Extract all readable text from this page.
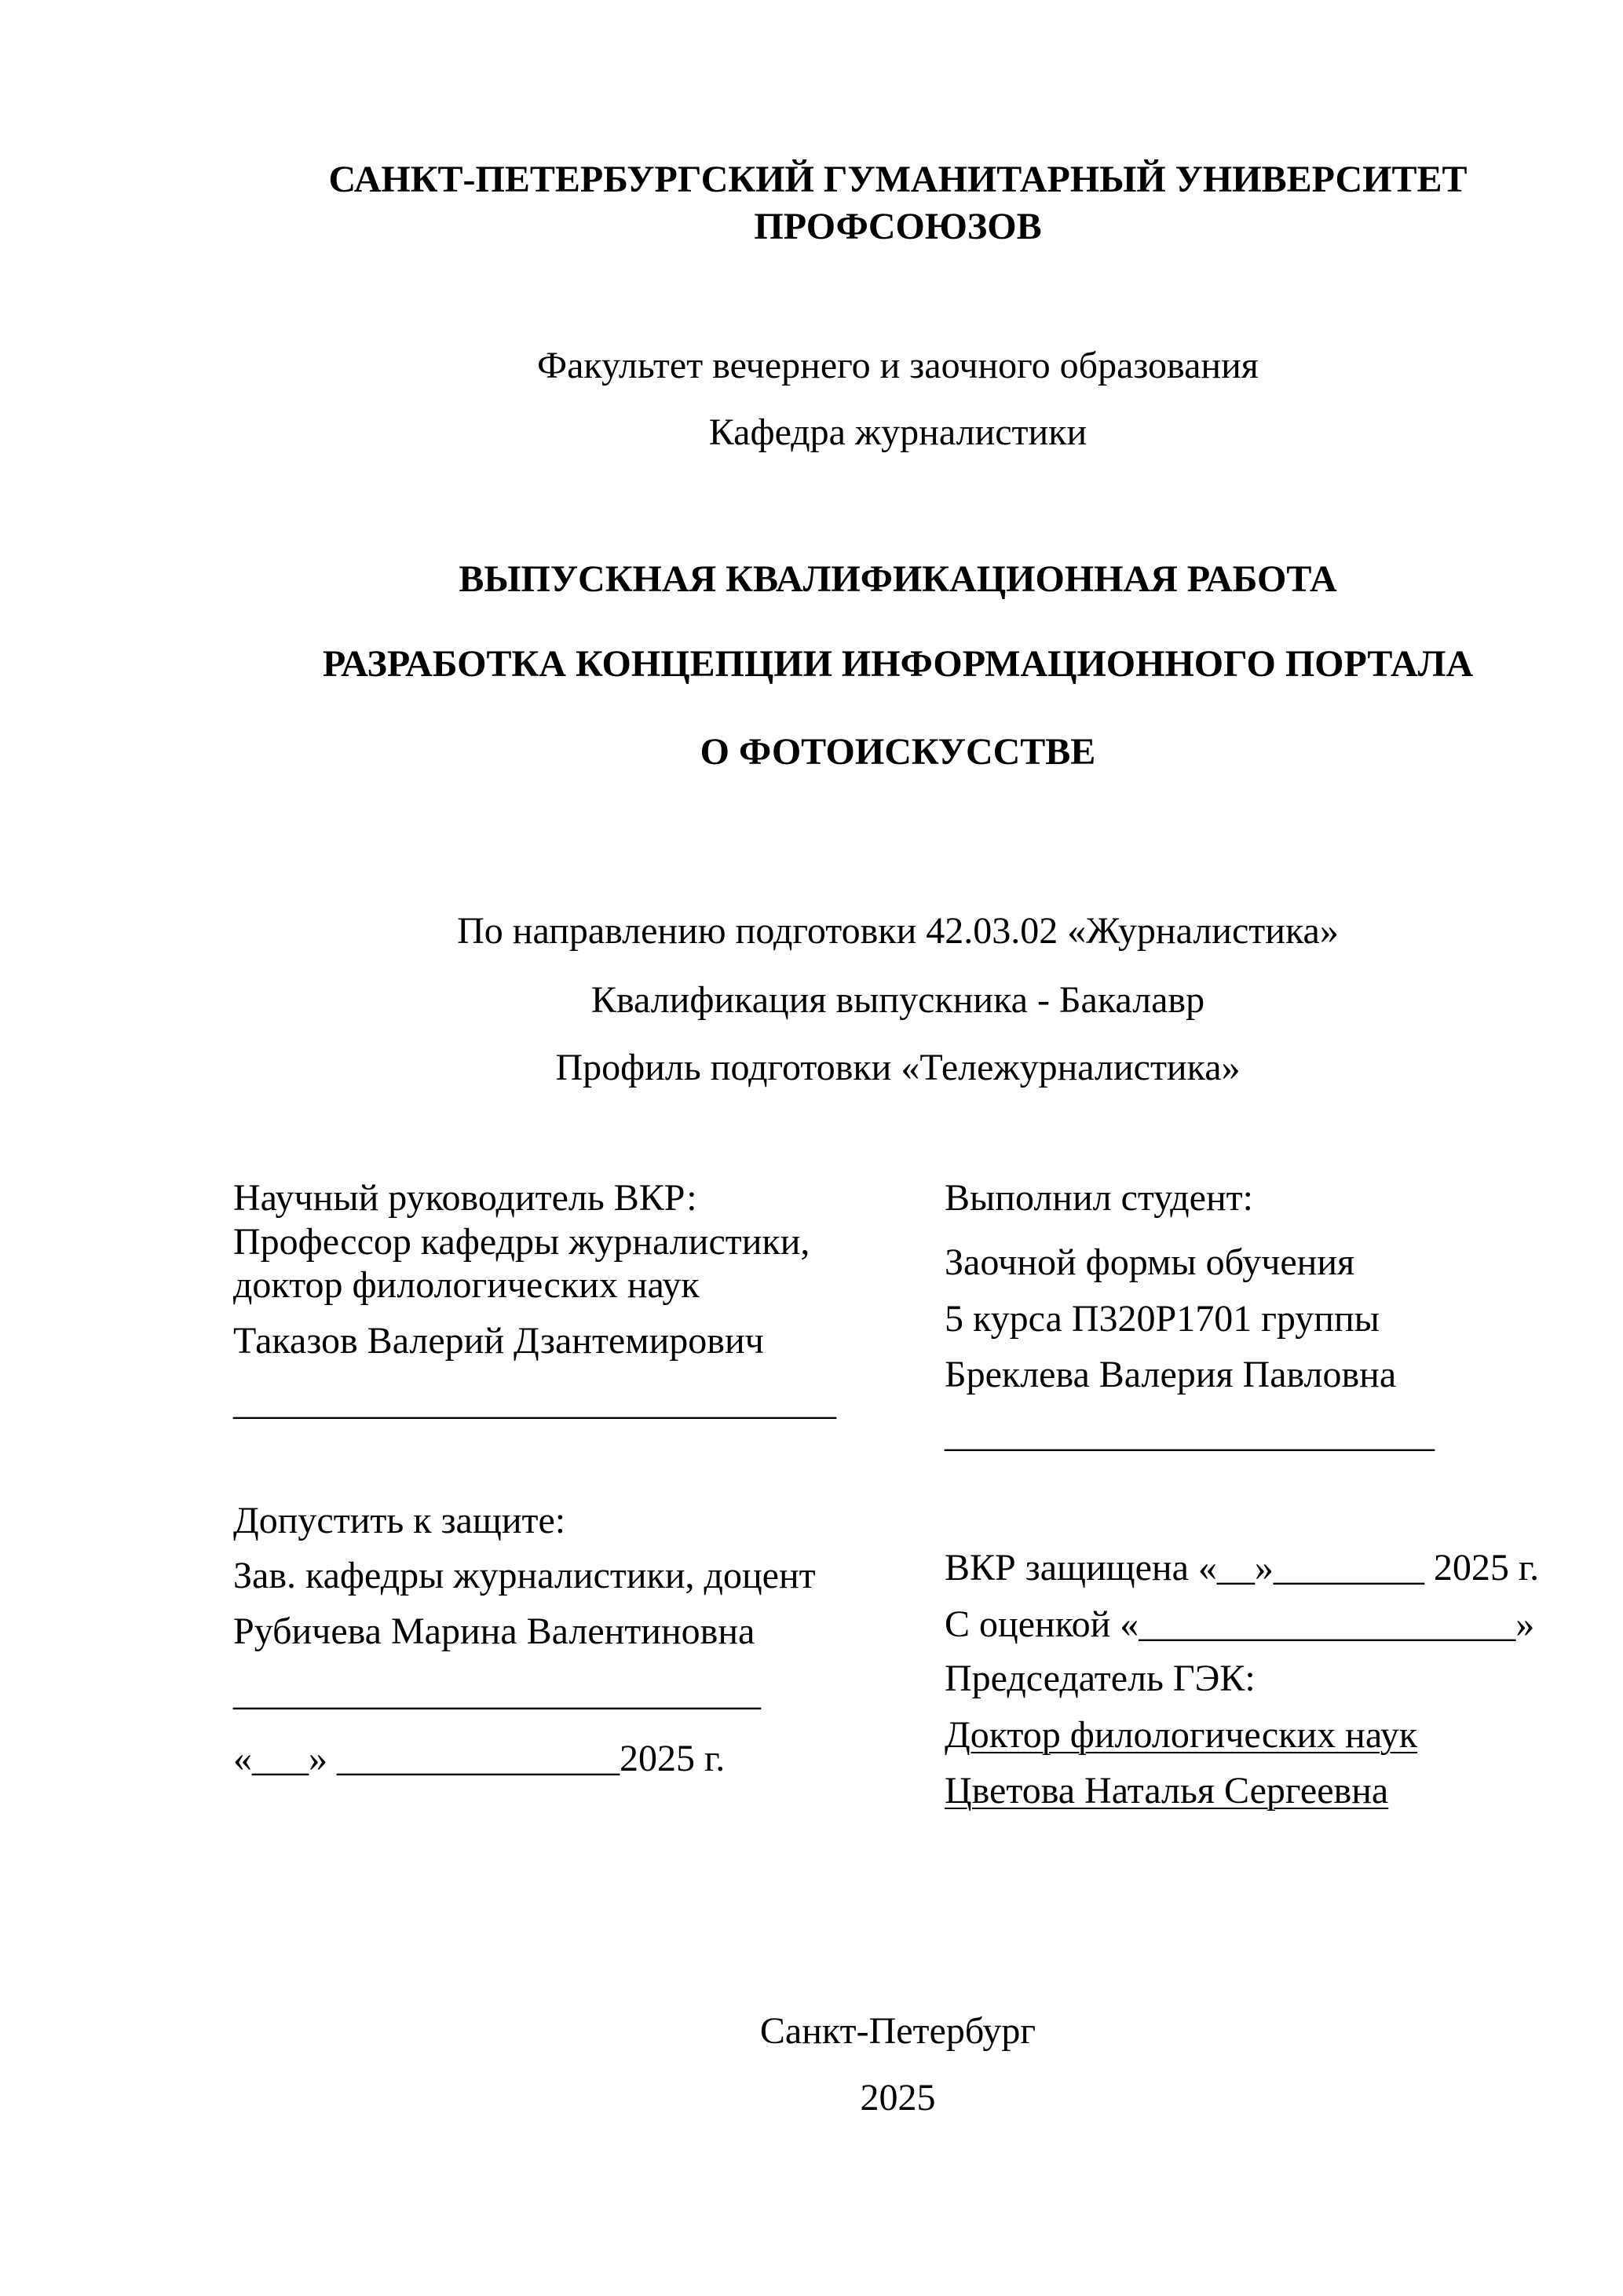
САНКТ-ПЕТЕРБУРГСКИЙ ГУМАНИТАРНЫЙ УНИВЕРСИТЕТ
ПРОФСОЮЗОВ
Факультет вечернего и заочного образования
Кафедра журналистики
ВЫПУСКНАЯ КВАЛИФИКАЦИОННАЯ РАБОТА
РАЗРАБОТКА КОНЦЕПЦИИ ИНФОРМАЦИОННОГО ПОРТАЛА
О ФОТОИСКУССТВЕ
По направлению подготовки 42.03.02 «Журналистика»
Квалификация выпускника - Бакалавр
Профиль подготовки «Тележурналистика»
Научный руководитель ВКР:
Профессор кафедры журналистики,
доктор филологических наук
Таказов Валерий Дзантемирович
________________________________
Выполнил студент:
Заочной формы обучения
5 курса П320Р1701 группы
Бреклева Валерия Павловна
__________________________
Допустить к защите:
Зав. кафедры журналистики, доцент
Рубичева Марина Валентиновна
____________________________
«___» _______________2025 г.
ВКР защищена «__»________ 2025 г.
С оценкой «____________________»
Председатель ГЭК:
Доктор филологических наук
Цветова Наталья Сергеевна
Санкт-Петербург
2025
